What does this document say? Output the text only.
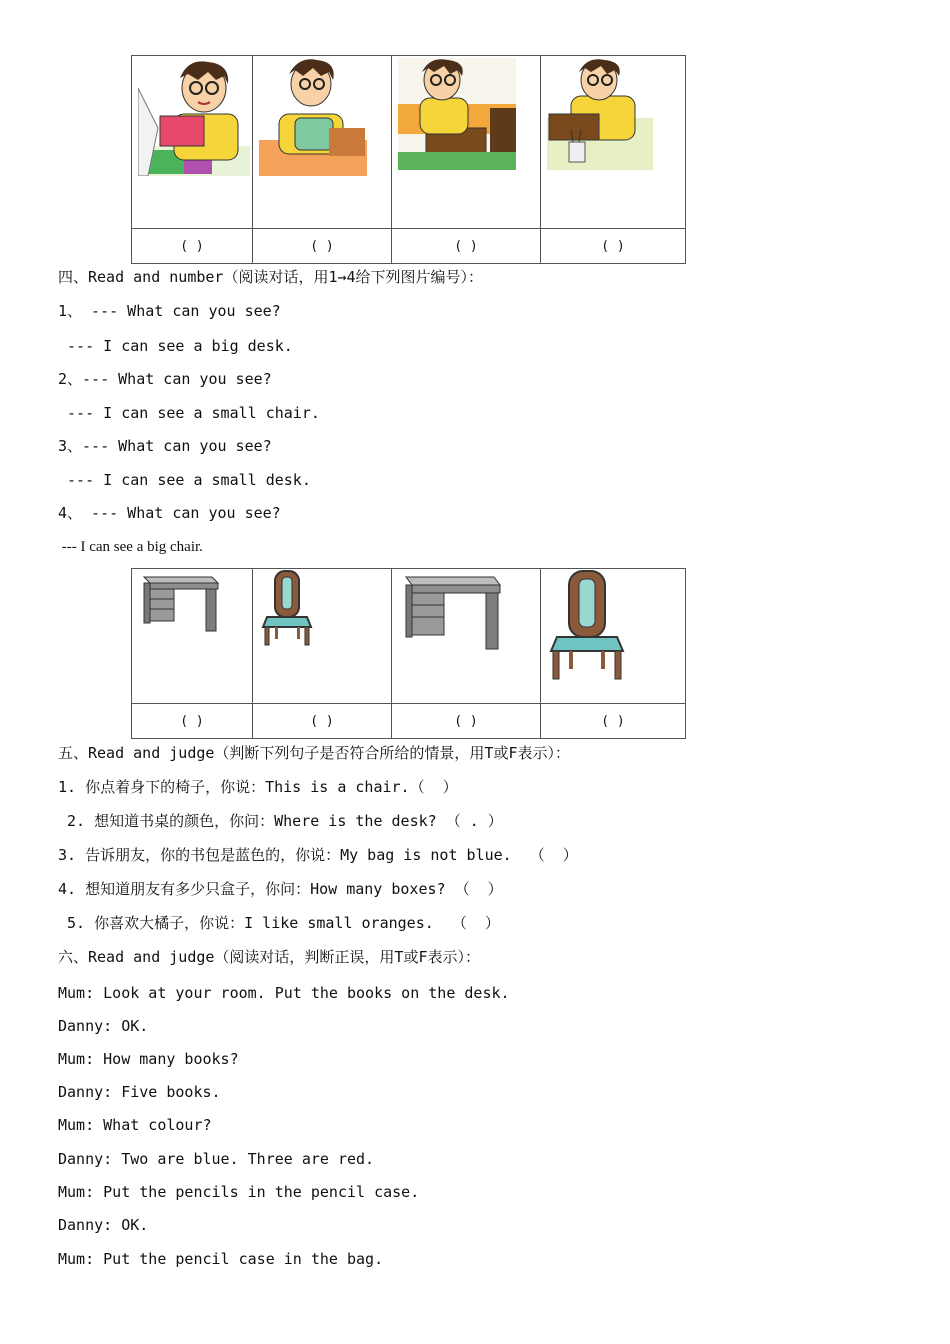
( )	( )	( )	( )
四、Read and number（阅读对话，用1→4给下列图片编号）：
1、 --- What can you see?
--- I can see a big desk.
2、--- What can you see?
--- I can see a small chair.
3、--- What can you see?
--- I can see a small desk.
4、 --- What can you see?
--- I can see a big chair.

( )	( )	( )	( )
五、Read and judge（判断下列句子是否符合所给的情景，用T或F表示）：
1. 你点着身下的椅子，你说：This is a chair.（  ）
2. 想知道书桌的颜色，你问：Where is the desk? （ . ）
3. 告诉朋友，你的书包是蓝色的，你说：My bag is not blue.  （  ）
4. 想知道朋友有多少只盒子，你问：How many boxes? （  ）
5. 你喜欢大橘子，你说：I like small oranges.  （  ）
六、Read and judge（阅读对话，判断正误，用T或F表示）：
Mum: Look at your room. Put the books on the desk.
Danny: OK.
Mum: How many books?
Danny: Five books.
Mum: What colour?
Danny: Two are blue. Three are red.
Mum: Put the pencils in the pencil case.
Danny: OK.
Mum: Put the pencil case in the bag.
